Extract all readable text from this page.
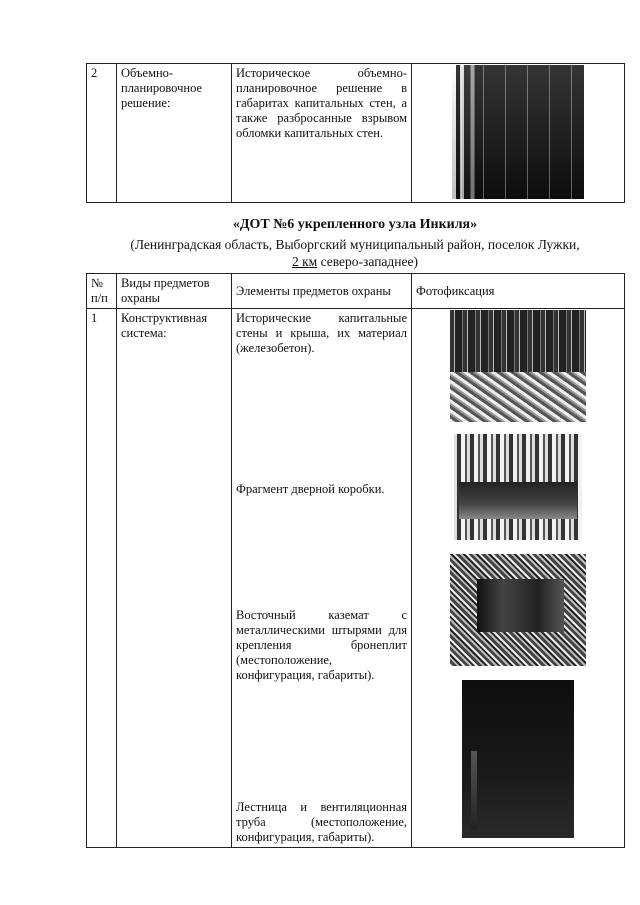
2	Объемно-планировочное решение:	Историческое объемно-планировочное решение в габаритах капитальных стен, а также разбросанные взрывом обломки капитальных стен.	
«ДОТ №6 укрепленного узла Инкиля»
(Ленинградская область, Выборгский муниципальный район, поселок Лужки,
2 км северо-западнее)
№ п/п	Виды предметов охраны	Элементы предметов охраны	Фотофиксация
1	Конструктивная система:	Исторические капитальные стены и крыша, их материал (железобетон).
Фрагмент дверной коробки.
Восточный каземат с металлическими штырями для крепления бронеплит (местоположение, конфигурация, габариты).
Лестница и вентиляционная труба (местоположение, конфигурация, габариты).	
